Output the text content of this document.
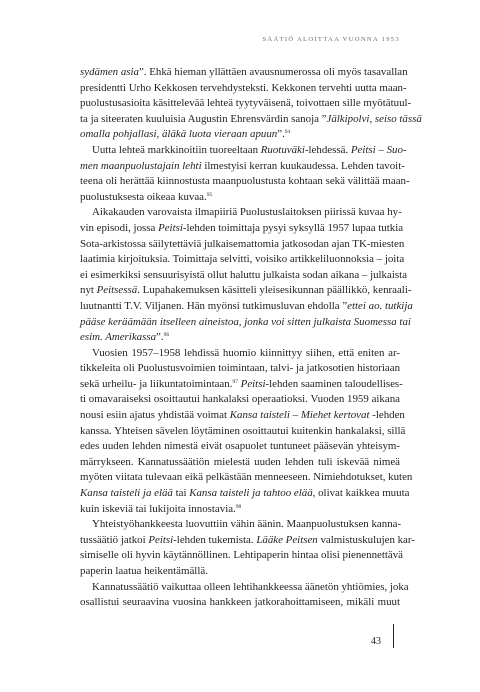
SÄÄTIÖ ALOITTAA VUONNA 1953
sydämen asia”. Ehkä hieman yllättäen avausnumerossa oli myös tasavallan
presidentti Urho Kekkosen tervehdysteksti. Kekkonen tervehti uutta maan-
puolustusasioita käsittelevää lehteä tyytyväisenä, toivottaen sille myötätuul-
ta ja siteeraten kuuluisia Augustin Ehrensvärdin sanoja ”Jälkipolvi, seiso tässä
omalla pohjallasi, äläkä luota vieraan apuun”.$^{94}$
Uutta lehteä markkinoitiin tuoreeltaan Ruotuväki-lehdessä. Peitsi – Suo-
men maanpuolustajain lehti ilmestyisi kerran kuukaudessa. Lehden tavoit-
teena oli herättää kiinnostusta maanpuolustusta kohtaan sekä välittää maan-
puolustuksesta oikeaa kuvaa.$^{95}$
Aikakauden varovaista ilmapiiriä Puolustuslaitoksen piirissä kuvaa hy-
vin episodi, jossa Peitsi-lehden toimittaja pysyi syksyllä 1957 lupaa tutkia
Sota-arkistossa säilytettäviä julkaisemattomia jatkosodan ajan TK-miesten
laatimia kirjoituksia. Toimittaja selvitti, voisiko artikkeliluonnoksia – joita
ei esimerkiksi sensuurisyistä ollut haluttu julkaista sodan aikana – julkaista
nyt Peitsessä. Lupahakemuksen käsitteli yleisesikunnan päällikkö, kenraali-
luutnantti T.V. Viljanen. Hän myönsi tutkimusluvan ehdolla ”ettei ao. tutkija
pääse keräämään itselleen aineistoa, jonka voi sitten julkaista Suomessa tai
esim. Amerikassa”.$^{96}$
Vuosien 1957–1958 lehdissä huomio kiinnittyy siihen, että eniten ar-
tikkeleita oli Puolustusvoimien toimintaan, talvi- ja jatkosotien historiaan
sekä urheilu- ja liikuntatoimintaan.$^{97}$ Peitsi-lehden saaminen taloudellises-
ti omavaraiseksi osoittautui hankalaksi operaatioksi. Vuoden 1959 aikana
nousi esiin ajatus yhdistää voimat Kansa taisteli – Miehet kertovat -lehden
kanssa. Yhteisen sävelen löytäminen osoittautui kuitenkin hankalaksi, sillä
edes uuden lehden nimestä eivät osapuolet tuntuneet pääsevän yhteisym-
märrykseen. Kannatussäätiön mielestä uuden lehden tuli iskevää nimeä
myöten viitata tulevaan eikä pelkästään menneeseen. Nimiehdotukset, kuten
Kansa taisteli ja elää tai Kansa taisteli ja tahtoo elää, olivat kaikkea muuta
kuin iskeviä tai lukijoita innostavia.$^{98}$
Yhteistyöhankkeesta luovuttiin vähin äänin. Maanpuolustuksen kanna-
tussäätiö jatkoi Peitsi-lehden tukemista. Lääke Peitsen valmistuskulujen kar-
simiselle oli hyvin käytännöllinen. Lehtipaperin hintaa olisi pienennettävä
paperin laatua heikentämällä.
Kannatussäätiö vaikuttaa olleen lehtihankkeessa äänetön yhtiömies, joka
osallistui seuraavina vuosina hankkeen jatkorahoittamiseen, mikäli muut
43
